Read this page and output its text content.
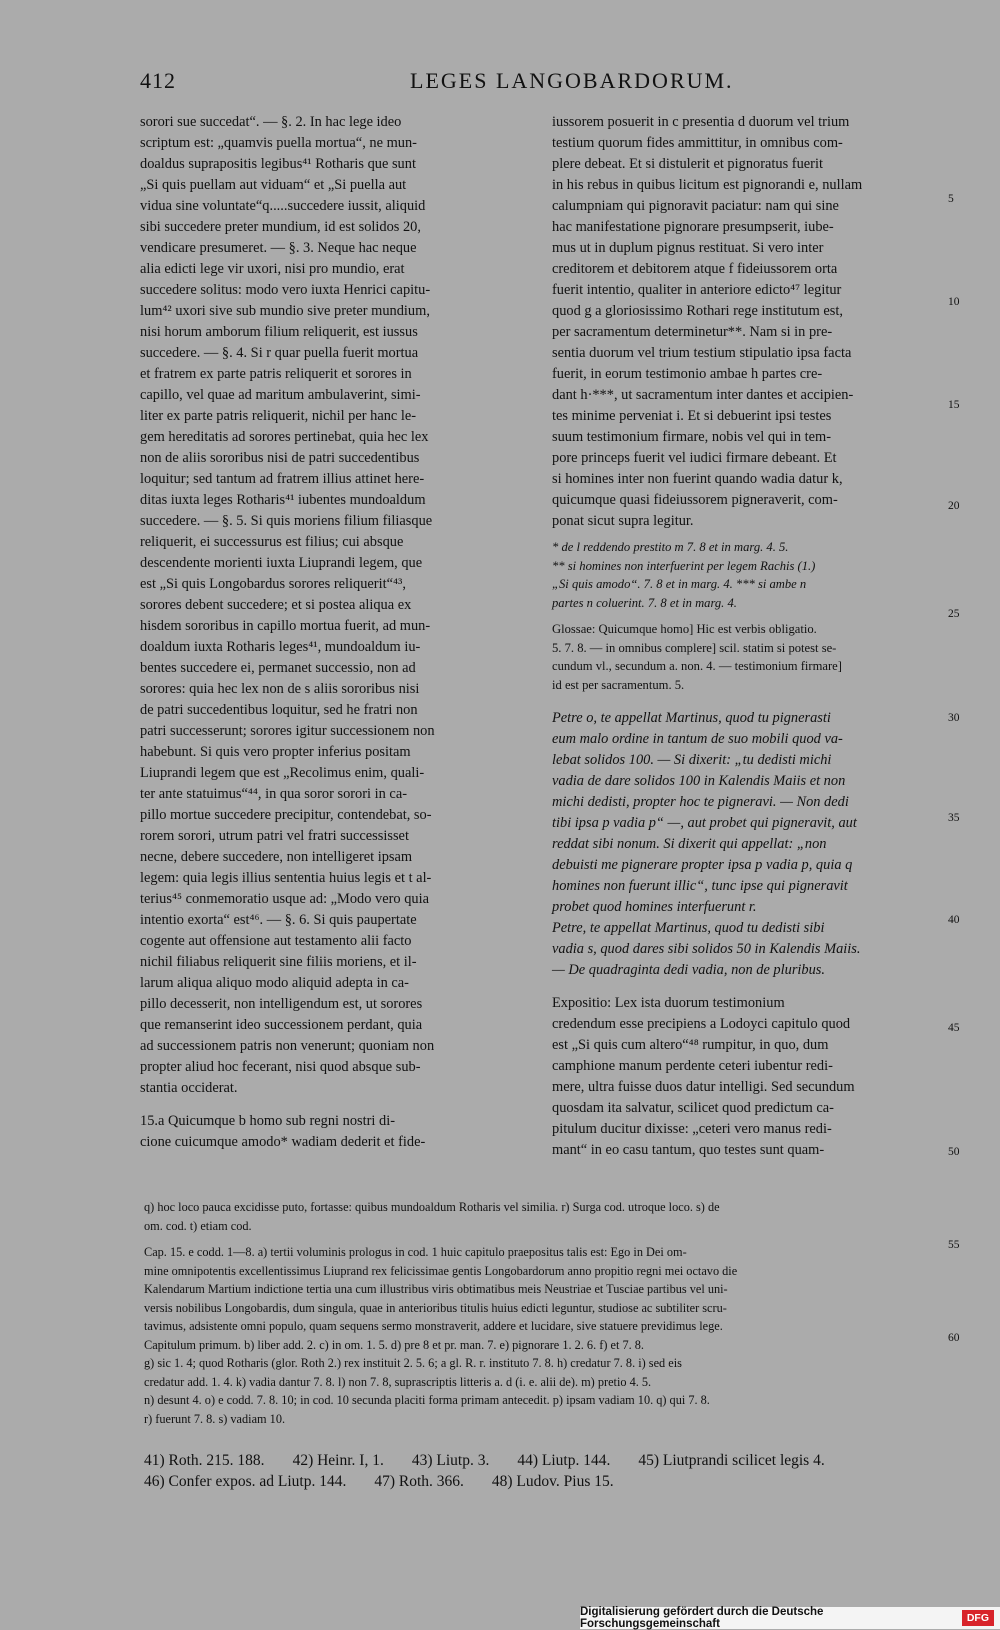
412	LEGES LANGOBARDORUM.

sorori sue succedat“. — §. 2. In hac lege ideo

scriptum est: „quamvis puella mortua“, ne mun-

doaldus suprapositis legibus⁴¹ Rotharis que sunt

„Si quis puellam aut viduam“ et „Si puella aut

vidua sine voluntate“q.....succedere iussit, aliquid

sibi succedere preter mundium, id est solidos 20,

vendicare presumeret. — §. 3. Neque hac neque

alia edicti lege vir uxori, nisi pro mundio, erat

succedere solitus: modo vero iuxta Henrici capitu-

lum⁴² uxori sive sub mundio sive preter mundium,

nisi horum amborum filium reliquerit, est iussus

succedere. — §. 4. Si r quar puella fuerit mortua

et fratrem ex parte patris reliquerit et sorores in

capillo, vel quae ad maritum ambulaverint, simi-

liter ex parte patris reliquerit, nichil per hanc le-

gem hereditatis ad sorores pertinebat, quia hec lex

non de aliis sororibus nisi de patri succedentibus

loquitur; sed tantum ad fratrem illius attinet here-

ditas iuxta leges Rotharis⁴¹ iubentes mundoaldum

succedere. — §. 5. Si quis moriens filium filiasque

reliquerit, ei successurus est filius; cui absque

descendente morienti iuxta Liuprandi legem, que

est „Si quis Longobardus sorores reliquerit“⁴³,

sorores debent succedere; et si postea aliqua ex

hisdem sororibus in capillo mortua fuerit, ad mun-

doaldum iuxta Rotharis leges⁴¹, mundoaldum iu-

bentes succedere ei, permanet successio, non ad

sorores: quia hec lex non de s aliis sororibus nisi

de patri succedentibus loquitur, sed he fratri non

patri successerunt; sorores igitur successionem non

habebunt. Si quis vero propter inferius positam

Liuprandi legem que est „Recolimus enim, quali-

ter ante statuimus“⁴⁴, in qua soror sorori in ca-

pillo mortue succedere precipitur, contendebat, so-

rorem sorori, utrum patri vel fratri successisset

necne, debere succedere, non intelligeret ipsam

legem: quia legis illius sententia huius legis et t al-

terius⁴⁵ conmemoratio usque ad: „Modo vero quia

intentio exorta“ est⁴⁶. — §. 6. Si quis paupertate

cogente aut offensione aut testamento alii facto

nichil filiabus reliquerit sine filiis moriens, et il-

larum aliqua aliquo modo aliquid adepta in ca-

pillo decesserit, non intelligendum est, ut sorores

que remanserint ideo successionem perdant, quia

ad successionem patris non venerunt; quoniam non

propter aliud hoc fecerant, nisi quod absque sub-

stantia occiderat.

15.a Quicumque b homo sub regni nostri di-

cione cuicumque amodo* wadiam dederit et fide-

iussorem posuerit in c presentia d duorum vel trium

testium quorum fides ammittitur, in omnibus com-

plere debeat. Et si distulerit et pignoratus fuerit

in his rebus in quibus licitum est pignorandi e, nullam

calumpniam qui pignoravit paciatur: nam qui sine

hac manifestatione pignorare presumpserit, iube-

mus ut in duplum pignus restituat. Si vero inter

creditorem et debitorem atque f fideiussorem orta

fuerit intentio, qualiter in anteriore edicto⁴⁷ legitur

quod g a gloriosissimo Rothari rege institutum est,

per sacramentum determinetur**. Nam si in pre-

sentia duorum vel trium testium stipulatio ipsa facta

fuerit, in eorum testimonio ambae h partes cre-

dant h·***, ut sacramentum inter dantes et accipien-

tes minime perveniat i. Et si debuerint ipsi testes

suum testimonium firmare, nobis vel qui in tem-

pore princeps fuerit vel iudici firmare debeant. Et

si homines inter non fuerint quando wadia datur k,

quicumque quasi fideiussorem pigneraverit, com-

ponat sicut supra legitur.

* de l reddendo prestito m 7. 8 et in marg. 4. 5.

** si homines non interfuerint per legem Rachis (1.)

„Si quis amodo“. 7. 8 et in marg. 4. *** si ambe n

partes n coluerint. 7. 8 et in marg. 4.

Glossae: Quicumque homo] Hic est verbis obligatio.

5. 7. 8. — in omnibus complere] scil. statim si potest se-

cundum vl., secundum a. non. 4. — testimonium firmare]

id est per sacramentum. 5.

Petre o, te appellat Martinus, quod tu pignerasti

eum malo ordine in tantum de suo mobili quod va-

lebat solidos 100. — Si dixerit: „tu dedisti michi

vadia de dare solidos 100 in Kalendis Maiis et non

michi dedisti, propter hoc te pigneravi. — Non dedi

tibi ipsa p vadia p“ —, aut probet qui pigneravit, aut

reddat sibi nonum. Si dixerit qui appellat: „non

debuisti me pignerare propter ipsa p vadia p, quia q

homines non fuerunt illic“, tunc ipse qui pigneravit

probet quod homines interfuerunt r.

Petre, te appellat Martinus, quod tu dedisti sibi

vadia s, quod dares sibi solidos 50 in Kalendis Maiis.

— De quadraginta dedi vadia, non de pluribus.

Expositio: Lex ista duorum testimonium

credendum esse precipiens a Lodoyci capitulo quod

est „Si quis cum altero“⁴⁸ rumpitur, in quo, dum

camphione manum perdente ceteri iubentur redi-

mere, ultra fuisse duos datur intelligi. Sed secundum

quosdam ita salvatur, scilicet quod predictum ca-

pitulum ducitur dixisse: „ceteri vero manus redi-

mant“ in eo casu tantum, quo testes sunt quam-

5
10
15
20
25
30
35
40
45
50
55
60

q) hoc loco pauca excidisse puto, fortasse: quibus mundoaldum Rotharis vel similia. r) Surga cod. utroque loco. s) de

om. cod. t) etiam cod.

Cap. 15. e codd. 1—8. a) tertii voluminis prologus in cod. 1 huic capitulo praepositus talis est: Ego in Dei om-

mine omnipotentis excellentissimus Liuprand rex felicissimae gentis Longobardorum anno propitio regni mei octavo die

Kalendarum Martium indictione tertia una cum illustribus viris obtimatibus meis Neustriae et Tusciae partibus vel uni-

versis nobilibus Longobardis, dum singula, quae in anterioribus titulis huius edicti leguntur, studiose ac subtiliter scru-

tavimus, adsistente omni populo, quam sequens sermo monstraverit, addere et lucidare, sive statuere previdimus lege.

Capitulum primum. b) liber add. 2. c) in om. 1. 5. d) pre 8 et pr. man. 7. e) pignorare 1. 2. 6. f) et 7. 8.

g) sic 1. 4; quod Rotharis (glor. Roth 2.) rex instituit 2. 5. 6; a gl. R. r. instituto 7. 8. h) credatur 7. 8. i) sed eis

credatur add. 1. 4. k) vadia dantur 7. 8. l) non 7. 8, suprascriptis litteris a. d (i. e. alii de). m) pretio 4. 5.

n) desunt 4. o) e codd. 7. 8. 10; in cod. 10 secunda placiti forma primam antecedit. p) ipsam vadiam 10. q) qui 7. 8.

r) fuerunt 7. 8. s) vadiam 10.

41) Roth. 215. 188. 42) Heinr. I, 1. 43) Liutp. 3. 44) Liutp. 144. 45) Liutprandi scilicet legis 4.
46) Confer expos. ad Liutp. 144. 47) Roth. 366. 48) Ludov. Pius 15.
Digitalisierung gefördert durch die Deutsche Forschungsgemeinschaft	DFG
